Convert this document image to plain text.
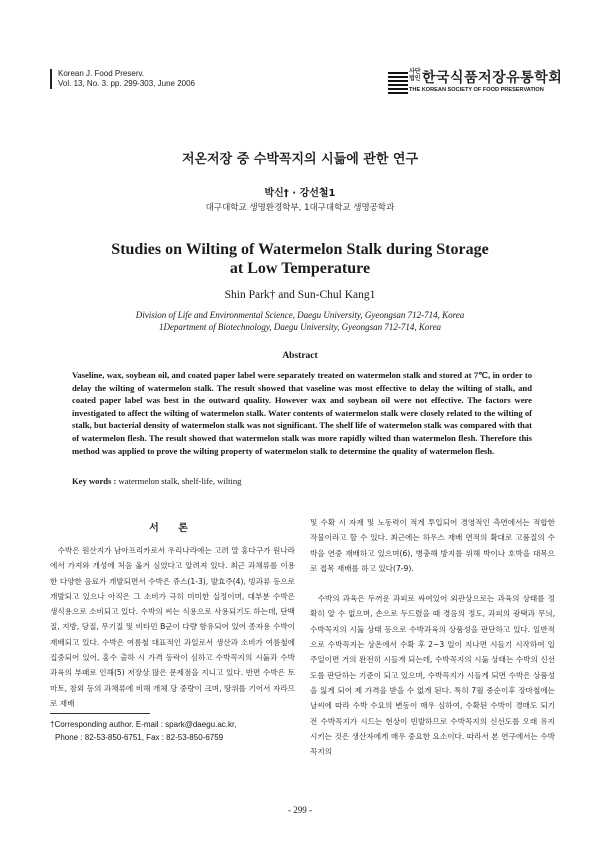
Korean J. Food Preserv.
Vol. 13, No. 3. pp. 299-303, June 2006
사단 법인 한국식품저장유통학회
THE KOREAN SOCIETY OF FOOD PRESERVATION
저온저장 중 수박꼭지의 시듦에 관한 연구
박신† · 강선철1
대구대학교 생명환경학부, 1대구대학교 생명공학과
Studies on Wilting of Watermelon Stalk during Storage
at Low Temperature
Shin Park† and Sun-Chul Kang1
Division of Life and Environmental Science, Daegu University, Gyeongsan 712-714, Korea
1Department of Biotechnology, Daegu University, Gyeongsan 712-714, Korea
Abstract

Vaseline, wax, soybean oil, and coated paper label were separately treated on watermelon stalk and stored at 7℃, in order to delay the wilting of watermelon stalk. The result showed that vaseline was most effective to delay the wilting of stalk, and coated paper label was best in the outward quality. However wax and soybean oil were not effective. The factors were investigated to affect the wilting of watermelon stalk. Water contents of watermelon stalk were closely related to the wilting of stalk, but bacterial density of watermelon stalk was not significant. The shelf life of watermelon stalk was compared with that of watermelon flesh. The result showed that watermelon stalk was more rapidly wilted than watermelon flesh. Therefore this method was applied to prove the wilting property of watermelon stalk to determine the quality of watermelon flesh.

Key words : watermelon stalk, shelf-life, wilting
서 론

수박은 원산지가 남아프리카로서 우리나라에는 고려 말 홍다구가 원나라에서 가져와 개성에 처음 옮겨 심었다고 알려져 있다. 최근 과채류를 이용한 다양한 음료가 개발되면서 수박은 쥬스(1-3), 발효주(4), 빙과류 등으로 개발되고 있으나 아직은 그 소비가 극히 미미한 실정이며, 대부분 수박은 생식용으로 소비되고 있다. 수박의 씨는 식용으로 사용되기도 하는데, 단백질, 지방, 당질, 무기질 및 비타민 B군이 다량 함유되어 있어 종자용 수박이 재배되고 있다. 수박은 여름철 대표적인 과일로서 생산과 소비가 여름철에 집중되어 있어, 홍수 출하 시 가격 등락이 심하고 수박꼭지의 시듦과 수박과육의 부패로 인해(5) 저장상 많은 문제점을 지니고 있다. 반면 수박은 토마토, 참외 등의 과채류에 비해 개체 당 중량이 크며, 땅위를 기어서 자라므로 재배

및 수확 시 자재 및 노동력이 적게 투입되어 경영적인 측면에서는 적합한 작물이라고 할 수 있다. 최근에는 하우스 재배 면적의 확대로 고품질의 수박을 연중 재배하고 있으며(6), 병충해 방지를 위해 박이나 호박을 대목으로 접목 재배를 하고 있다(7-9).

수박의 과육은 두꺼운 과피로 싸여있어 외관상으로는 과육의 상태를 정확히 알 수 없으며, 손으로 두드렸을 때 경음의 정도, 과피의 광택과 무늬, 수박꼭지의 시듦 상태 등으로 수박과육의 상품성을 판단하고 있다. 일반적으로 수박꼭지는 상온에서 수확 후 2~3 일이 지나면 시들기 시작하여 일주일이면 거의 완전히 시들게 되는데, 수박꼭지의 시듦 상태는 수박의 신선도를 판단하는 기준이 되고 있으며, 수박꼭지가 시들게 되면 수박은 상품성을 잃게 되어 제 가격을 받을 수 없게 된다. 특히 7월 중순이후 장마철에는 날씨에 따라 수박 수요의 변동이 매우 심하여, 수확된 수박이 경매도 되기 전 수박꼭지가 시드는 현상이 빈발하므로 수박꼭지의 신선도를 오래 유지시키는 것은 생산자에게 매우 중요한 요소이다. 따라서 본 연구에서는 수박꼭지의

†Corresponding author. E-mail : spark@daegu.ac.kr,
Phone : 82-53-850-6751, Fax : 82-53-850-6759
- 299 -
